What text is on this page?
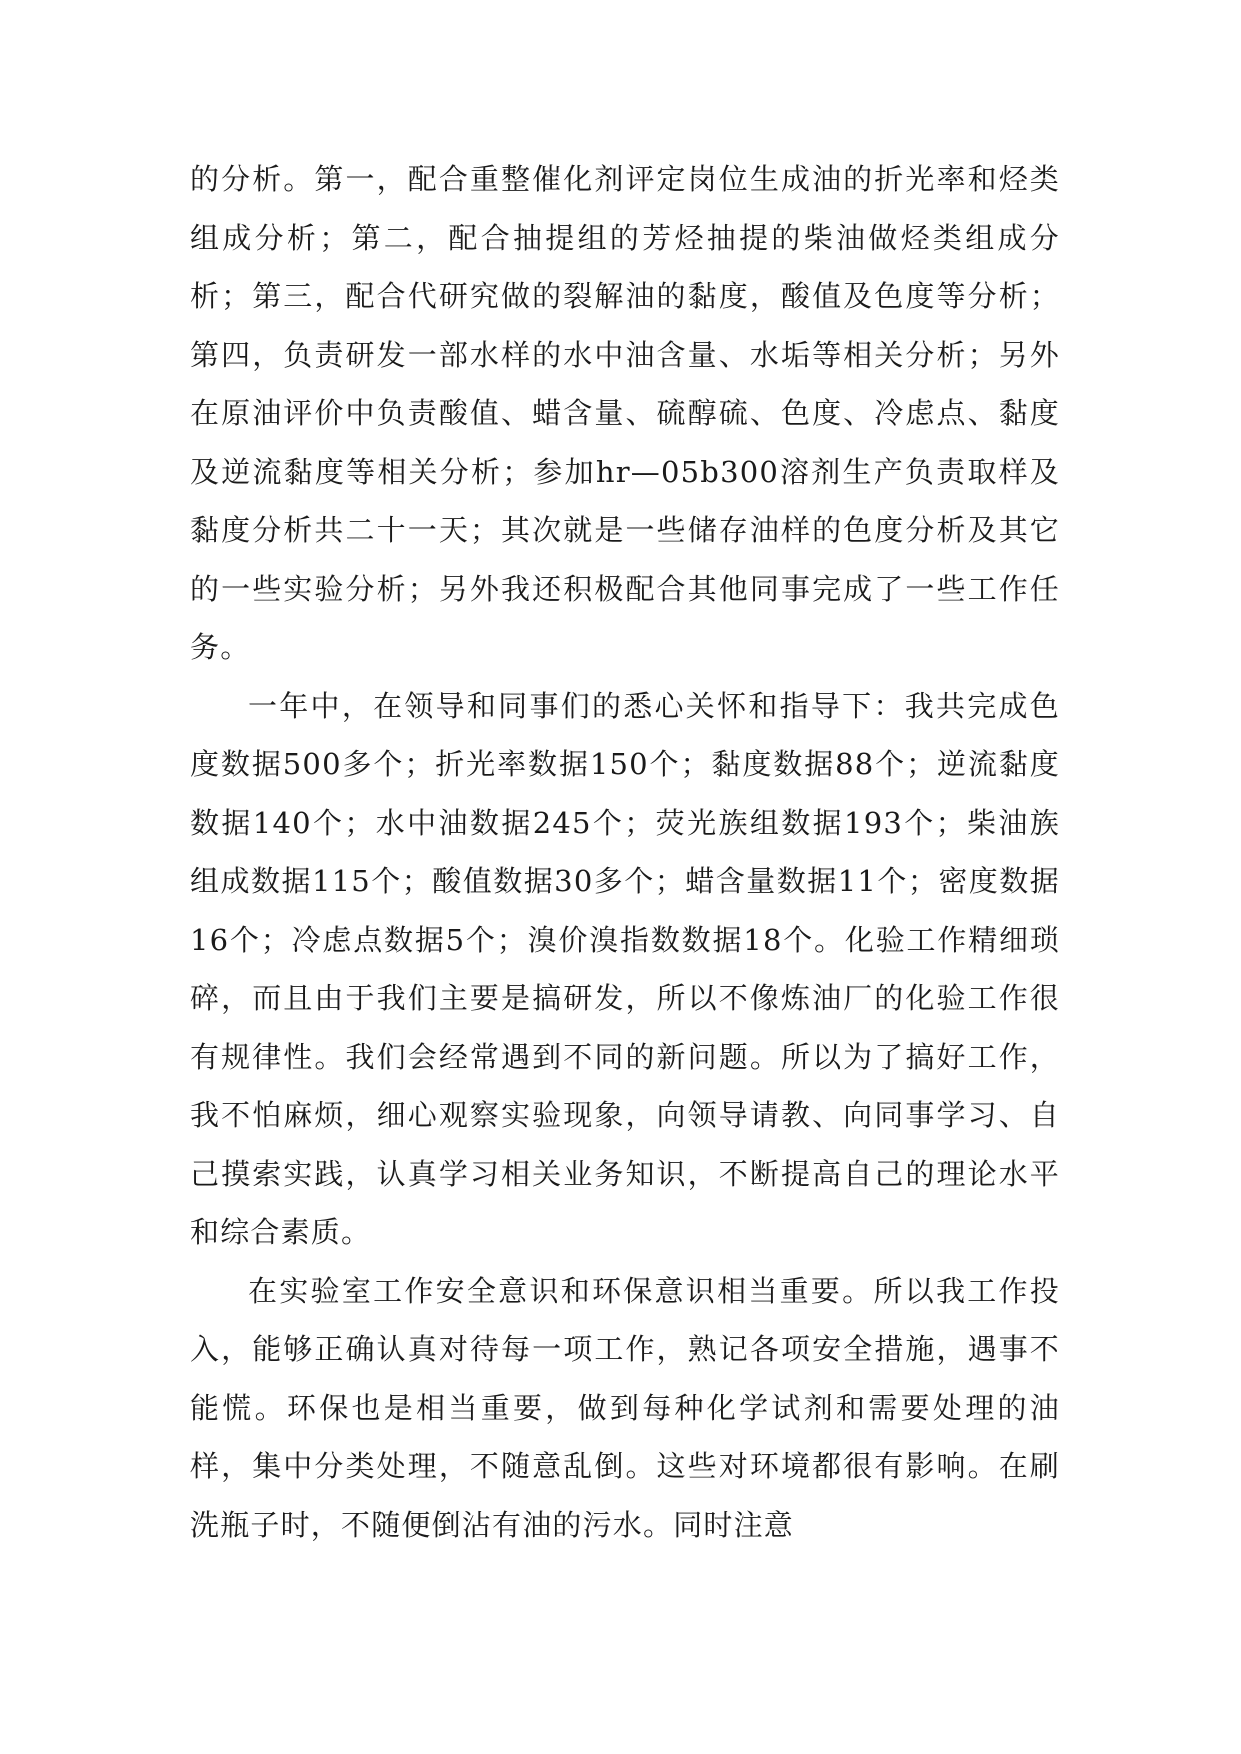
的分析。第一，配合重整催化剂评定岗位生成油的折光率和烃类组成分析；第二，配合抽提组的芳烃抽提的柴油做烃类组成分析；第三，配合代研究做的裂解油的黏度，酸值及色度等分析；第四，负责研发一部水样的水中油含量、水垢等相关分析；另外在原油评价中负责酸值、蜡含量、硫醇硫、色度、冷虑点、黏度及逆流黏度等相关分析；参加hr—05b300溶剂生产负责取样及黏度分析共二十一天；其次就是一些储存油样的色度分析及其它的一些实验分析；另外我还积极配合其他同事完成了一些工作任务。

一年中，在领导和同事们的悉心关怀和指导下：我共完成色度数据500多个；折光率数据150个；黏度数据88个；逆流黏度数据140个；水中油数据245个；荧光族组数据193个；柴油族组成数据115个；酸值数据30多个；蜡含量数据11个；密度数据16个；冷虑点数据5个；溴价溴指数数据18个。化验工作精细琐碎，而且由于我们主要是搞研发，所以不像炼油厂的化验工作很有规律性。我们会经常遇到不同的新问题。所以为了搞好工作，我不怕麻烦，细心观察实验现象，向领导请教、向同事学习、自己摸索实践，认真学习相关业务知识，不断提高自己的理论水平和综合素质。

在实验室工作安全意识和环保意识相当重要。所以我工作投入，能够正确认真对待每一项工作，熟记各项安全措施，遇事不能慌。环保也是相当重要，做到每种化学试剂和需要处理的油样，集中分类处理，不随意乱倒。这些对环境都很有影响。在刷洗瓶子时，不随便倒沾有油的污水。同时注意
